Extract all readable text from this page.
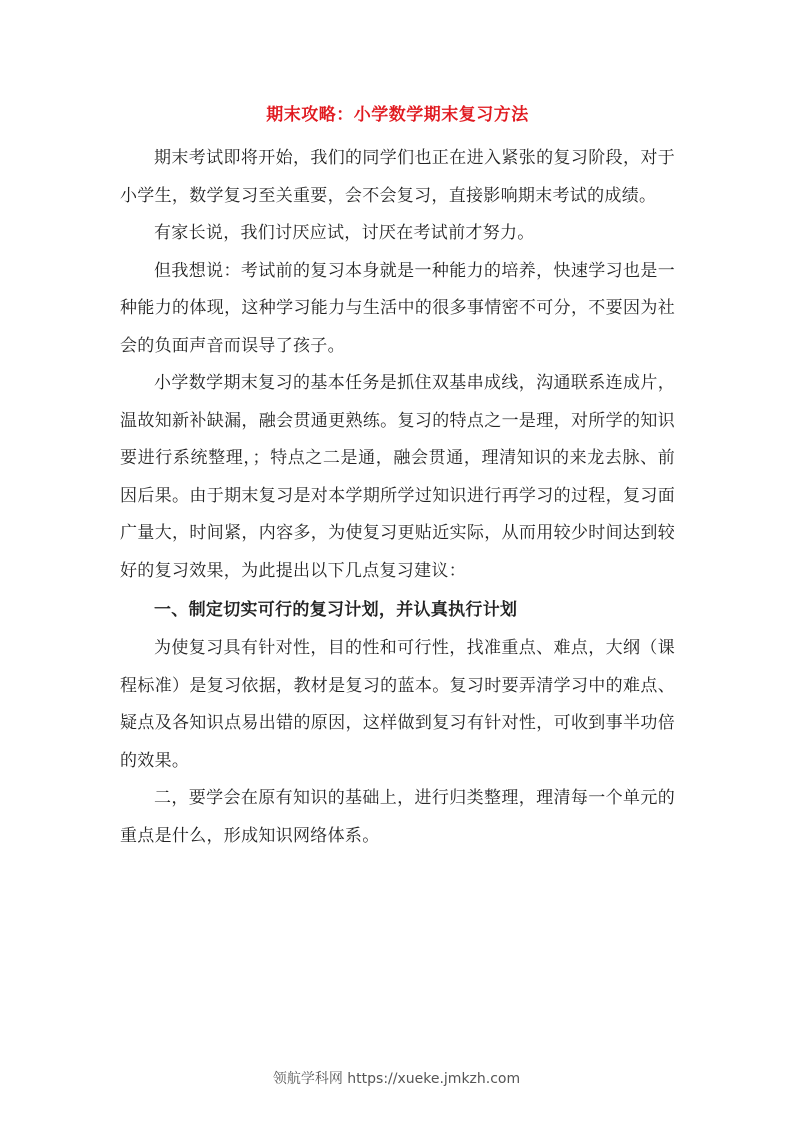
期末攻略：小学数学期末复习方法

期末考试即将开始，我们的同学们也正在进入紧张的复习阶段，对于小学生，数学复习至关重要，会不会复习，直接影响期末考试的成绩。

有家长说，我们讨厌应试，讨厌在考试前才努力。

但我想说：考试前的复习本身就是一种能力的培养，快速学习也是一种能力的体现，这种学习能力与生活中的很多事情密不可分，不要因为社会的负面声音而误导了孩子。

小学数学期末复习的基本任务是抓住双基串成线，沟通联系连成片，温故知新补缺漏，融会贯通更熟练。复习的特点之一是理，对所学的知识要进行系统整理，；特点之二是通，融会贯通，理清知识的来龙去脉、前因后果。由于期末复习是对本学期所学过知识进行再学习的过程，复习面广量大，时间紧，内容多，为使复习更贴近实际，从而用较少时间达到较好的复习效果，为此提出以下几点复习建议：

一、制定切实可行的复习计划，并认真执行计划

为使复习具有针对性，目的性和可行性，找准重点、难点，大纲（课程标准）是复习依据，教材是复习的蓝本。复习时要弄清学习中的难点、疑点及各知识点易出错的原因，这样做到复习有针对性，可收到事半功倍的效果。

二，要学会在原有知识的基础上，进行归类整理，理清每一个单元的重点是什么，形成知识网络体系。

领航学科网 https://xueke.jmkzh.com
